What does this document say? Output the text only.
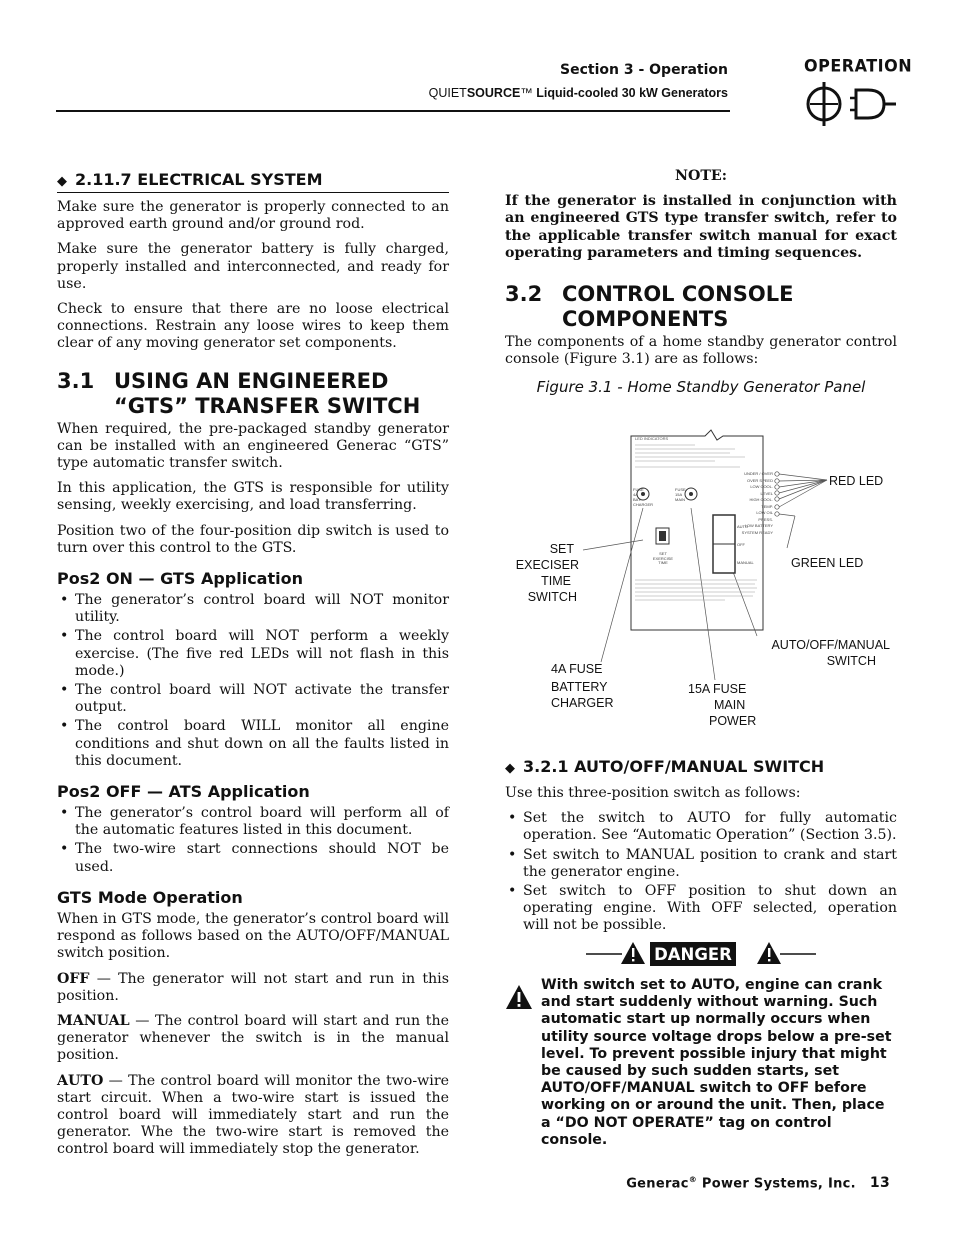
Section 3 - Operation
QUIETSOURCE™ Liquid-cooled 30 kW Generators
OPERATION
◆ 2.11.7 ELECTRICAL SYSTEM

Make sure the generator is properly connected to an approved earth ground and/or ground rod.

Make sure the generator battery is fully charged, properly installed and interconnected, and ready for use.

Check to ensure that there are no loose electrical connections. Restrain any loose wires to keep them clear of any moving generator set components.

3.1 USING AN ENGINEERED “GTS” TRANSFER SWITCH

When required, the pre-packaged standby generator can be installed with an engineered Generac “GTS” type automatic transfer switch.

In this application, the GTS is responsible for utility sensing, weekly exercising, and load transferring.

Position two of the four-position dip switch is used to turn over this control to the GTS.

Pos2 ON — GTS Application
• The generator’s control board will NOT monitor utility.
• The control board will NOT perform a weekly exercise. (The five red LEDs will not flash in this mode.)
• The control board will NOT activate the transfer output.
• The control board WILL monitor all engine conditions and shut down on all the faults listed in this document.
Pos2 OFF — ATS Application
• The generator’s control board will perform all of the automatic features listed in this document.
• The two-wire start connections should NOT be used.
GTS Mode Operation

When in GTS mode, the generator’s control board will respond as follows based on the AUTO/OFF/MANUAL switch position.

OFF — The generator will not start and run in this position.

MANUAL — The control board will start and run the generator whenever the switch is in the manual position.

AUTO — The control board will monitor the two-wire start circuit. When a two-wire start is issued the control board will immediately start and run the generator. Whe the two-wire start is removed the control board will immediately stop the generator.

NOTE:
If the generator is installed in conjunction with an engineered GTS type transfer switch, refer to the applicable transfer switch manual for exact operating parameters and timing sequences.
3.2 CONTROL CONSOLE COMPONENTS

The components of a home standby generator control console (Figure 3.1) are as follows:

Figure 3.1 - Home Standby Generator Panel
LED INDICATORS
UNDER / OVER
OVER SPEED
LOW COOL. LEVEL
HIGH COOL. TEMP.
LOW OIL PRESS.
LOW BATTERY
SYSTEM READY
FUSE
4A
BAT.
CHARGER
FUSE
15A
MAIN
AUTO
OFF
MANUAL
SET
EXERCISE
TIME
RED LED
GREEN LED
SET
EXECISER
TIME
SWITCH
AUTO/OFF/MANUAL
SWITCH
4A FUSE
BATTERY
CHARGER
15A FUSE
MAIN
POWER
◆ 3.2.1 AUTO/OFF/MANUAL SWITCH

Use this three-position switch as follows:

• Set the switch to AUTO for fully automatic operation. See “Automatic Operation” (Section 3.5).
• Set switch to MANUAL position to crank and start the generator engine.
• Set switch to OFF position to shut down an operating engine. With OFF selected, operation will not be possible.
DANGER
With switch set to AUTO, engine can crank and start suddenly without warning. Such automatic start up normally occurs when utility source voltage drops below a pre-set level. To prevent possible injury that might be caused by such sudden starts, set AUTO/OFF/MANUAL switch to OFF before working on or around the unit. Then, place a “DO NOT OPERATE” tag on control console.
Generac® Power Systems, Inc. 13
